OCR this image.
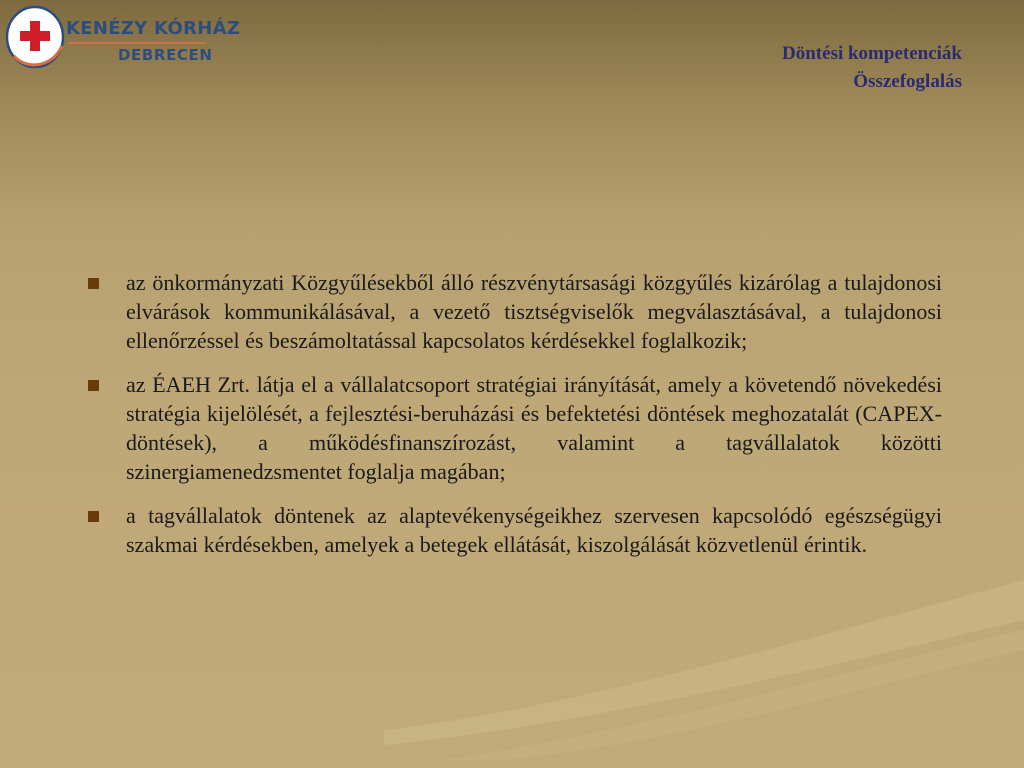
KENÉZY KÓRHÁZ
DEBRECEN	Döntési kompetenciák
Összefoglalás
az önkormányzati Közgyűlésekből álló részvénytársasági közgyűlés kizárólag a tulajdonosi elvárások kommunikálásával, a vezető tisztségviselők megválasztásával, a tulajdonosi ellenőrzéssel és beszámoltatással kapcsolatos kérdésekkel foglalkozik;
az ÉAEH Zrt. látja el a vállalatcsoport stratégiai irányítását, amely a követendő növekedési stratégia kijelölését, a fejlesztési-beruházási és befektetési döntések meghozatalát (CAPEX-döntések), a működésfinanszírozást, valamint a tagvállalatok közötti szinergiamenedzsmentet foglalja magában;
a tagvállalatok döntenek az alaptevékenységeikhez szervesen kapcsolódó egészségügyi szakmai kérdésekben, amelyek a betegek ellátását, kiszolgálását közvetlenül érintik.
